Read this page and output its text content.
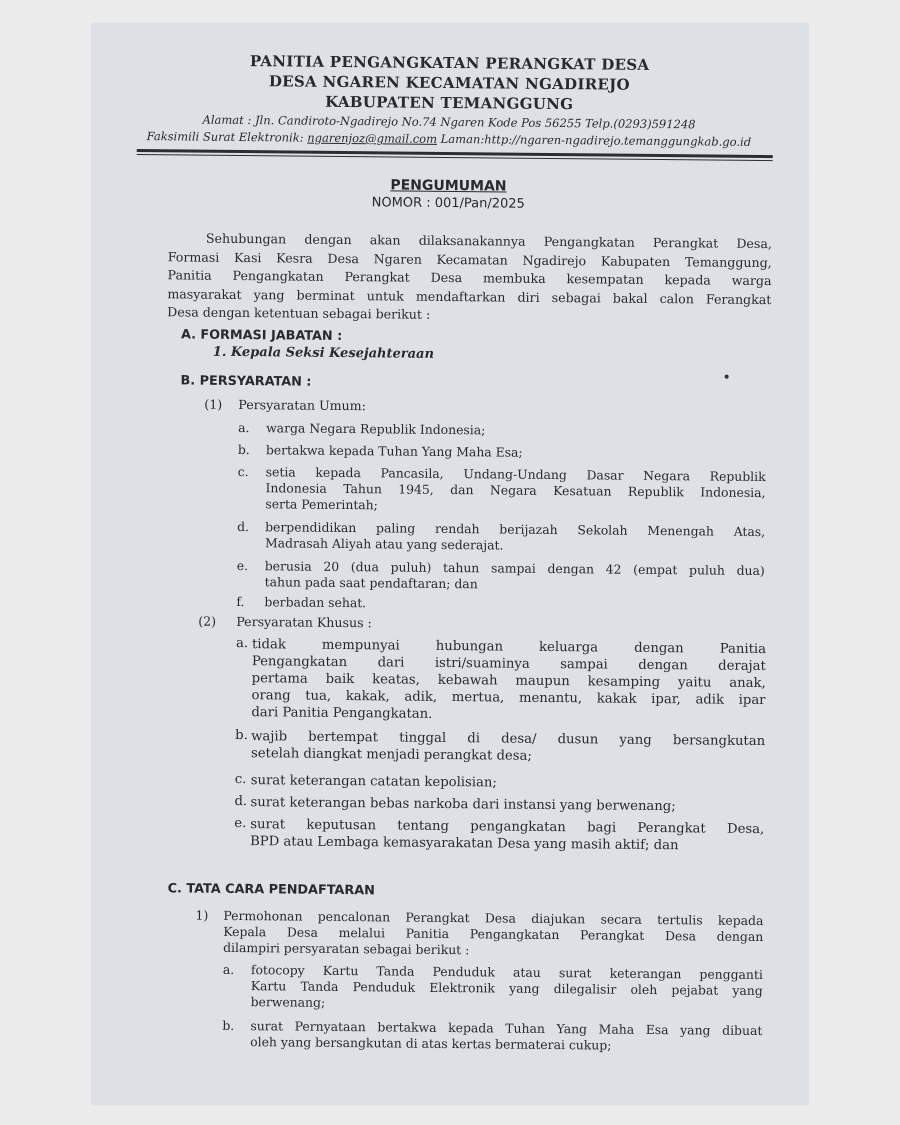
PANITIA PENGANGKATAN PERANGKAT DESA
DESA NGAREN KECAMATAN NGADIREJO
KABUPATEN TEMANGGUNG
Alamat : Jln. Candiroto-Ngadirejo No.74 Ngaren Kode Pos 56255 Telp.(0293)591248
Faksimili Surat Elektronik: ngarenjoz@gmail.com Laman:http://ngaren-ngadirejo.temanggungkab.go.id
PENGUMUMAN
NOMOR : 001/Pan/2025
Sehubungan dengan akan dilaksanakannya Pengangkatan Perangkat Desa,
Formasi Kasi Kesra Desa Ngaren Kecamatan Ngadirejo Kabupaten Temanggung,
Panitia Pengangkatan Perangkat Desa membuka kesempatan kepada warga
masyarakat yang berminat untuk mendaftarkan diri sebagai bakal calon Ferangkat
Desa dengan ketentuan sebagai berikut :
A. FORMASI JABATAN :
1. Kepala Seksi Kesejahteraan
B. PERSYARATAN :
(1) Persyaratan Umum:
a. warga Negara Republik Indonesia;
b. bertakwa kepada Tuhan Yang Maha Esa;
c. setia kepada Pancasila, Undang-Undang Dasar Negara Republik
Indonesia Tahun 1945, dan Negara Kesatuan Republik Indonesia,
serta Pemerintah;
d. berpendidikan paling rendah berijazah Sekolah Menengah Atas,
Madrasah Aliyah atau yang sederajat.
e. berusia 20 (dua puluh) tahun sampai dengan 42 (empat puluh dua)
tahun pada saat pendaftaran; dan
f. berbadan sehat.
(2) Persyaratan Khusus :
a. tidak mempunyai hubungan keluarga dengan Panitia
Pengangkatan dari istri/suaminya sampai dengan derajat
pertama baik keatas, kebawah maupun kesamping yaitu anak,
orang tua, kakak, adik, mertua, menantu, kakak ipar, adik ipar
dari Panitia Pengangkatan.
b. wajib bertempat tinggal di desa/ dusun yang bersangkutan
setelah diangkat menjadi perangkat desa;
c. surat keterangan catatan kepolisian;
d. surat keterangan bebas narkoba dari instansi yang berwenang;
e. surat keputusan tentang pengangkatan bagi Perangkat Desa,
BPD atau Lembaga kemasyarakatan Desa yang masih aktif; dan
C. TATA CARA PENDAFTARAN
1) Permohonan pencalonan Perangkat Desa diajukan secara tertulis kepada
Kepala Desa melalui Panitia Pengangkatan Perangkat Desa dengan
dilampiri persyaratan sebagai berikut :
a. fotocopy Kartu Tanda Penduduk atau surat keterangan pengganti
Kartu Tanda Penduduk Elektronik yang dilegalisir oleh pejabat yang
berwenang;
b. surat Pernyataan bertakwa kepada Tuhan Yang Maha Esa yang dibuat
oleh yang bersangkutan di atas kertas bermaterai cukup;
